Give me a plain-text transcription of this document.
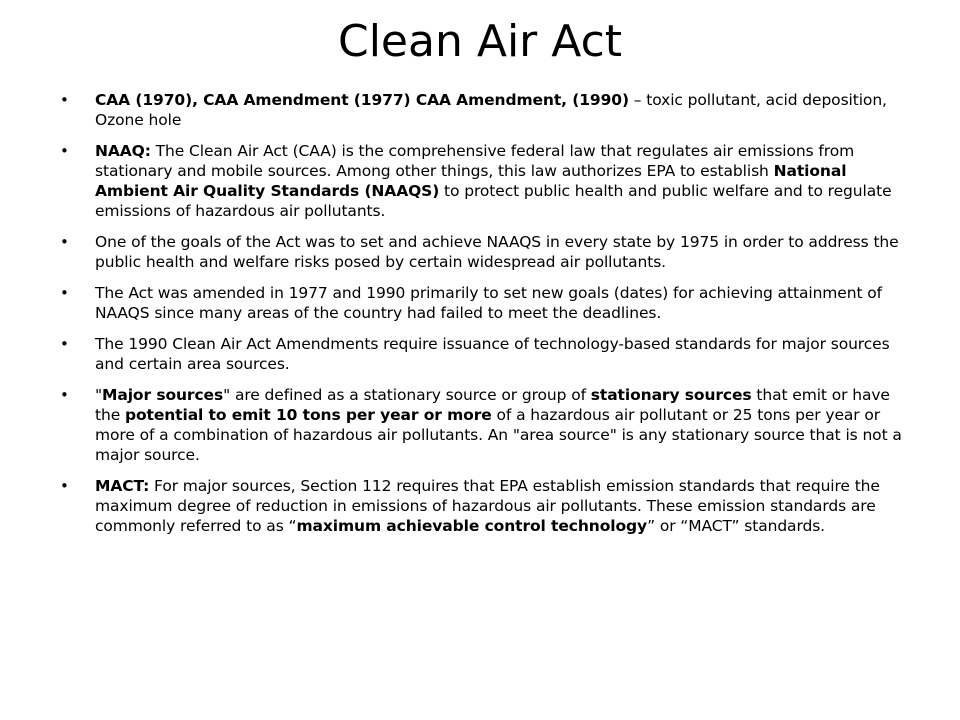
Clean Air Act
• CAA (1970), CAA Amendment (1977) CAA Amendment, (1990) – toxic pollutant, acid deposition, Ozone hole
• NAAQ: The Clean Air Act (CAA) is the comprehensive federal law that regulates air emissions from stationary and mobile sources. Among other things, this law authorizes EPA to establish National Ambient Air Quality Standards (NAAQS) to protect public health and public welfare and to regulate emissions of hazardous air pollutants.
• One of the goals of the Act was to set and achieve NAAQS in every state by 1975 in order to address the public health and welfare risks posed by certain widespread air pollutants.
• The Act was amended in 1977 and 1990 primarily to set new goals (dates) for achieving attainment of NAAQS since many areas of the country had failed to meet the deadlines.
• The 1990 Clean Air Act Amendments require issuance of technology-based standards for major sources and certain area sources.
• "Major sources" are defined as a stationary source or group of stationary sources that emit or have the potential to emit 10 tons per year or more of a hazardous air pollutant or 25 tons per year or more of a combination of hazardous air pollutants. An "area source" is any stationary source that is not a major source.
• MACT: For major sources, Section 112 requires that EPA establish emission standards that require the maximum degree of reduction in emissions of hazardous air pollutants. These emission standards are commonly referred to as “maximum achievable control technology” or “MACT” standards.
